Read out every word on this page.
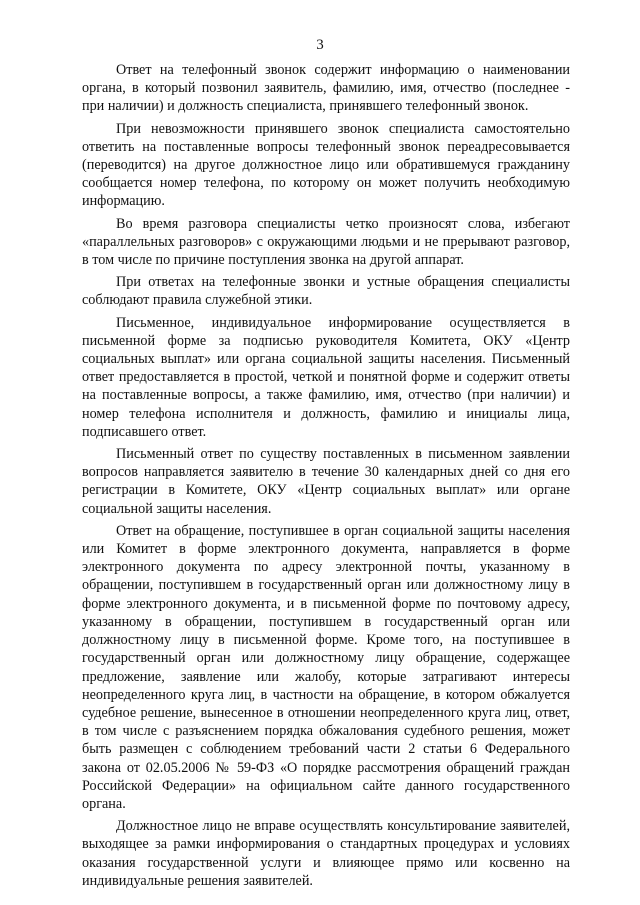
3

Ответ на телефонный звонок содержит информацию о наименовании органа, в который позвонил заявитель, фамилию, имя, отчество (последнее - при наличии) и должность специалиста, принявшего телефонный звонок.

При невозможности принявшего звонок специалиста самостоятельно ответить на поставленные вопросы телефонный звонок переадресовывается (переводится) на другое должностное лицо или обратившемуся гражданину сообщается номер телефона, по которому он может получить необходимую информацию.

Во время разговора специалисты четко произносят слова, избегают «параллельных разговоров» с окружающими людьми и не прерывают разговор, в том числе по причине поступления звонка на другой аппарат.

При ответах на телефонные звонки и устные обращения специалисты соблюдают правила служебной этики.

Письменное, индивидуальное информирование осуществляется в письменной форме за подписью руководителя Комитета, ОКУ «Центр социальных выплат» или органа социальной защиты населения. Письменный ответ предоставляется в простой, четкой и понятной форме и содержит ответы на поставленные вопросы, а также фамилию, имя, отчество (при наличии) и номер телефона исполнителя и должность, фамилию и инициалы лица, подписавшего ответ.

Письменный ответ по существу поставленных в письменном заявлении вопросов направляется заявителю в течение 30 календарных дней со дня его регистрации в Комитете, ОКУ «Центр социальных выплат» или органе социальной защиты населения.

Ответ на обращение, поступившее в орган социальной защиты населения или Комитет в форме электронного документа, направляется в форме электронного документа по адресу электронной почты, указанному в обращении, поступившем в государственный орган или должностному лицу в форме электронного документа, и в письменной форме по почтовому адресу, указанному в обращении, поступившем в государственный орган или должностному лицу в письменной форме. Кроме того, на поступившее в государственный орган или должностному лицу обращение, содержащее предложение, заявление или жалобу, которые затрагивают интересы неопределенного круга лиц, в частности на обращение, в котором обжалуется судебное решение, вынесенное в отношении неопределенного круга лиц, ответ, в том числе с разъяснением порядка обжалования судебного решения, может быть размещен с соблюдением требований части 2 статьи 6 Федерального закона от 02.05.2006 № 59-ФЗ «О порядке рассмотрения обращений граждан Российской Федерации» на официальном сайте данного государственного органа.

Должностное лицо не вправе осуществлять консультирование заявителей, выходящее за рамки информирования о стандартных процедурах и условиях оказания государственной услуги и влияющее прямо или косвенно на индивидуальные решения заявителей.
